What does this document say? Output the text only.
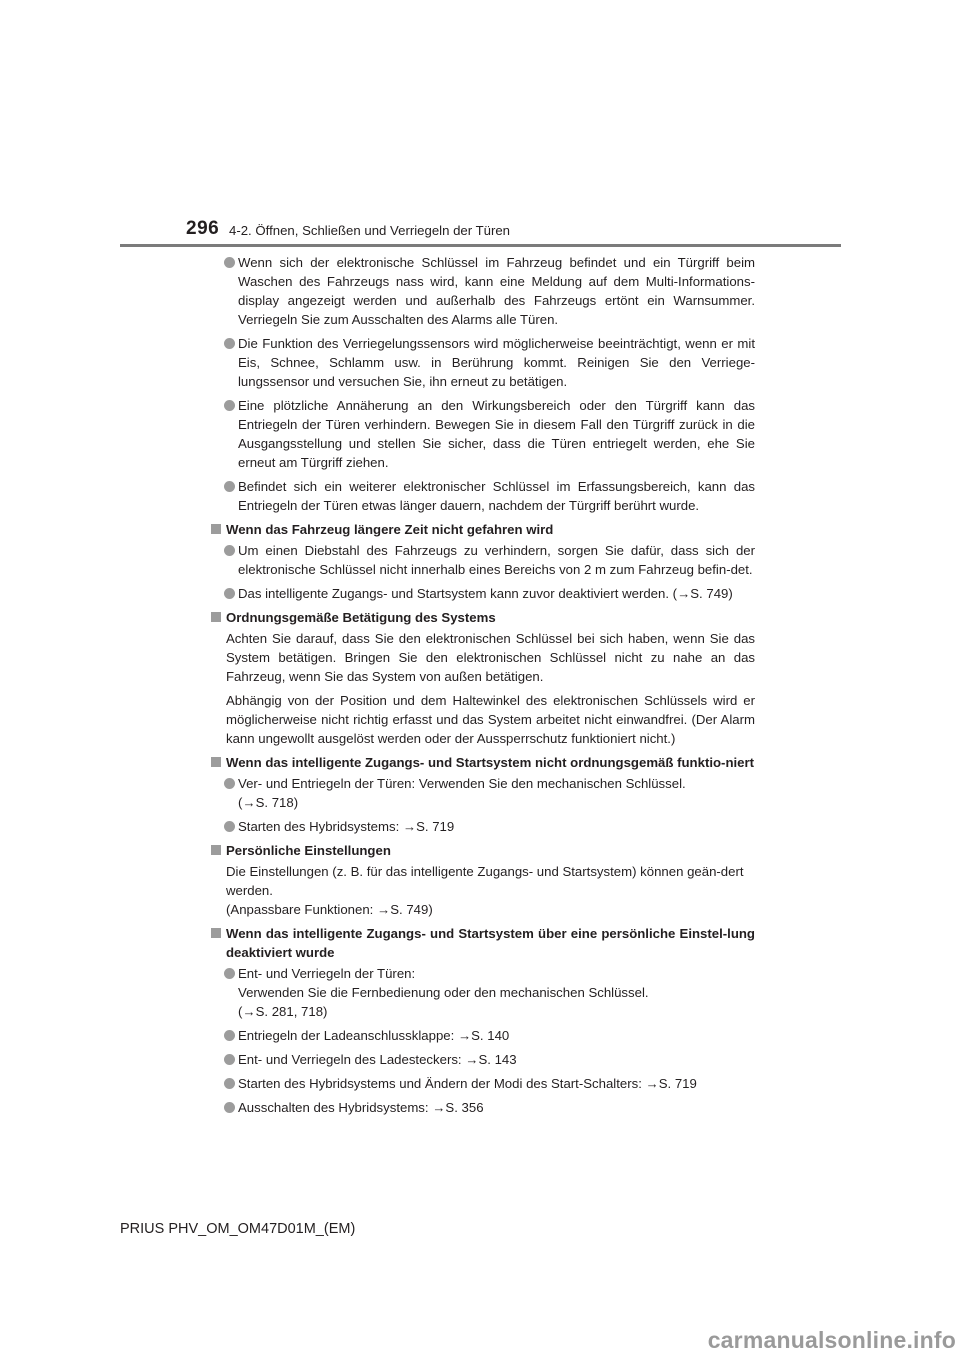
296 4-2. Öffnen, Schließen und Verriegeln der Türen
Wenn sich der elektronische Schlüssel im Fahrzeug befindet und ein Türgriff beim Waschen des Fahrzeugs nass wird, kann eine Meldung auf dem Multi-Informations-display angezeigt werden und außerhalb des Fahrzeugs ertönt ein Warnsummer. Verriegeln Sie zum Ausschalten des Alarms alle Türen.
Die Funktion des Verriegelungssensors wird möglicherweise beeinträchtigt, wenn er mit Eis, Schnee, Schlamm usw. in Berührung kommt. Reinigen Sie den Verriege-lungssensor und versuchen Sie, ihn erneut zu betätigen.
Eine plötzliche Annäherung an den Wirkungsbereich oder den Türgriff kann das Entriegeln der Türen verhindern. Bewegen Sie in diesem Fall den Türgriff zurück in die Ausgangsstellung und stellen Sie sicher, dass die Türen entriegelt werden, ehe Sie erneut am Türgriff ziehen.
Befindet sich ein weiterer elektronischer Schlüssel im Erfassungsbereich, kann das Entriegeln der Türen etwas länger dauern, nachdem der Türgriff berührt wurde.
Wenn das Fahrzeug längere Zeit nicht gefahren wird
Um einen Diebstahl des Fahrzeugs zu verhindern, sorgen Sie dafür, dass sich der elektronische Schlüssel nicht innerhalb eines Bereichs von 2 m zum Fahrzeug befin-det.
Das intelligente Zugangs- und Startsystem kann zuvor deaktiviert werden. (→S. 749)
Ordnungsgemäße Betätigung des Systems
Achten Sie darauf, dass Sie den elektronischen Schlüssel bei sich haben, wenn Sie das System betätigen. Bringen Sie den elektronischen Schlüssel nicht zu nahe an das Fahrzeug, wenn Sie das System von außen betätigen.
Abhängig von der Position und dem Haltewinkel des elektronischen Schlüssels wird er möglicherweise nicht richtig erfasst und das System arbeitet nicht einwandfrei. (Der Alarm kann ungewollt ausgelöst werden oder der Aussperrschutz funktioniert nicht.)
Wenn das intelligente Zugangs- und Startsystem nicht ordnungsgemäß funktio-niert
Ver- und Entriegeln der Türen: Verwenden Sie den mechanischen Schlüssel.
(→S. 718)
Starten des Hybridsystems: →S. 719
Persönliche Einstellungen
Die Einstellungen (z. B. für das intelligente Zugangs- und Startsystem) können geän-dert werden.
(Anpassbare Funktionen: →S. 749)
Wenn das intelligente Zugangs- und Startsystem über eine persönliche Einstel-lung deaktiviert wurde
Ent- und Verriegeln der Türen:
Verwenden Sie die Fernbedienung oder den mechanischen Schlüssel.
(→S. 281, 718)
Entriegeln der Ladeanschlussklappe: →S. 140
Ent- und Verriegeln des Ladesteckers: →S. 143
Starten des Hybridsystems und Ändern der Modi des Start-Schalters: →S. 719
Ausschalten des Hybridsystems: →S. 356
PRIUS PHV_OM_OM47D01M_(EM)
carmanualsonline.info
